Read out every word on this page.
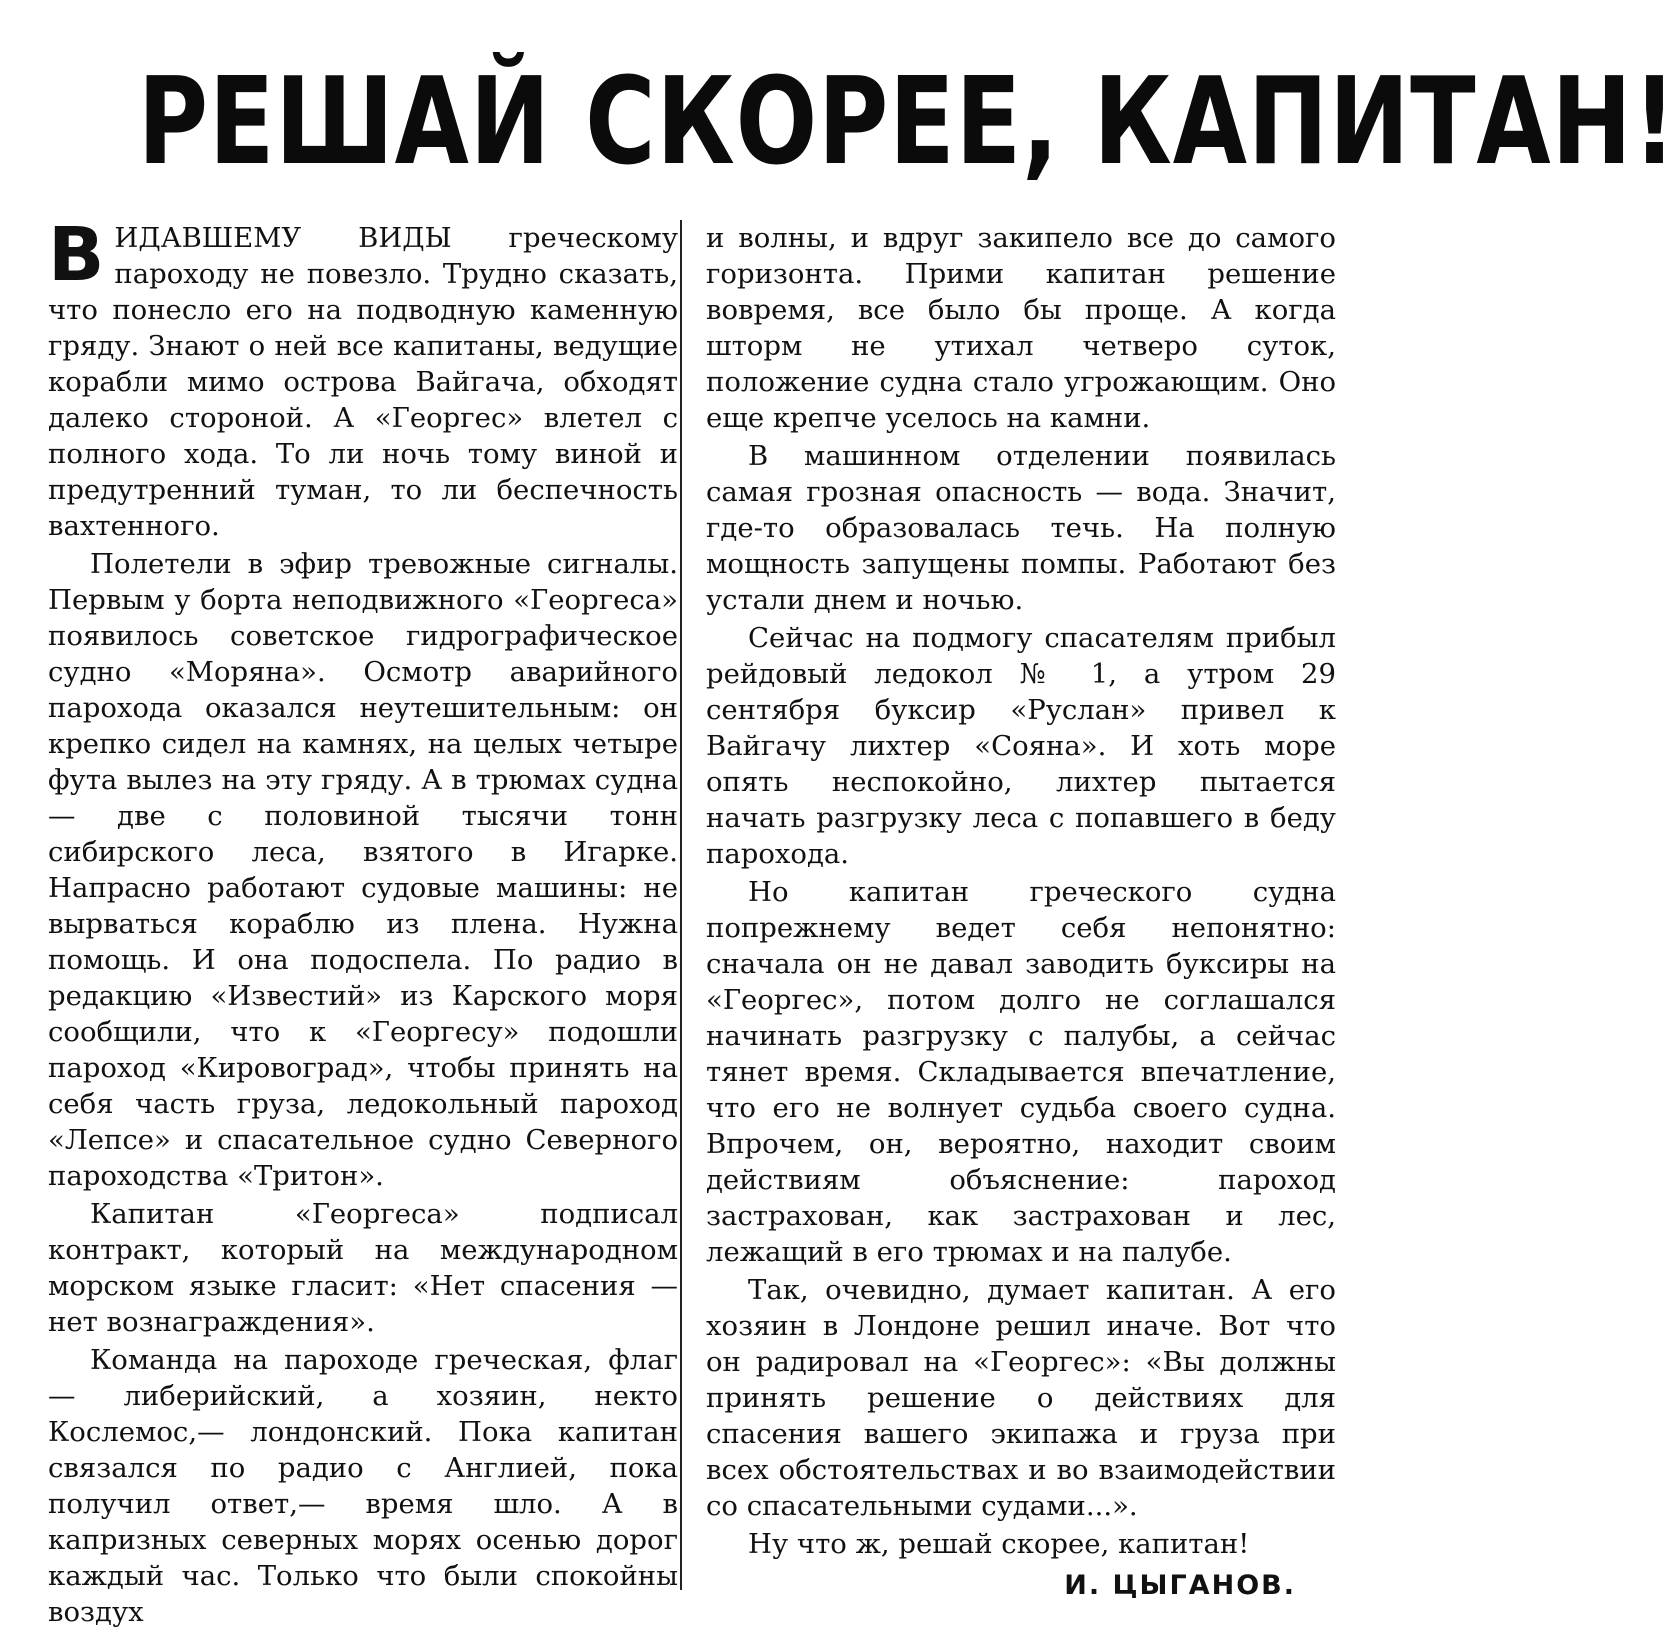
РЕШАЙ СКОРЕЕ, КАПИТАН!

В ИДАВШЕМУ ВИДЫ греческому пароходу не повезло. Трудно сказать, что понесло его на подводную каменную гряду. Знают о ней все капитаны, ведущие корабли мимо острова Вайгача, обходят далеко стороной. А «Георгес» влетел с полного хода. То ли ночь тому виной и предутренний туман, то ли беспечность вахтенного.

Полетели в эфир тревожные сигналы. Первым у борта неподвижного «Георгеса» появилось советское гидрографическое судно «Моряна». Осмотр аварийного парохода оказался неутешительным: он крепко сидел на камнях, на целых четыре фута вылез на эту гряду. А в трюмах судна — две с половиной тысячи тонн сибирского леса, взятого в Игарке. Напрасно работают судовые машины: не вырваться кораблю из плена. Нужна помощь. И она подоспела. По радио в редакцию «Известий» из Карского моря сообщили, что к «Георгесу» подошли пароход «Кировоград», чтобы принять на себя часть груза, ледокольный пароход «Лепсе» и спасательное судно Северного пароходства «Тритон».

Капитан «Георгеса» подписал контракт, который на международном морском языке гласит: «Нет спасения — нет вознаграждения».

Команда на пароходе греческая, флаг — либерийский, а хозяин, некто Кослемос,— лондонский. Пока капитан связался по радио с Англией, пока получил ответ,— время шло. А в капризных северных морях осенью дорог каждый час. Только что были спокойны воздух

и волны, и вдруг закипело все до самого горизонта. Прими капитан решение вовремя, все было бы проще. А когда шторм не утихал четверо суток, положение судна стало угрожающим. Оно еще крепче уселось на камни.

В машинном отделении появилась самая грозная опасность — вода. Значит, где-то образовалась течь. На полную мощность запущены помпы. Работают без устали днем и ночью.

Сейчас на подмогу спасателям прибыл рейдовый ледокол № 1, а утром 29 сентября буксир «Руслан» привел к Вайгачу лихтер «Сояна». И хоть море опять неспокойно, лихтер пытается начать разгрузку леса с попавшего в беду парохода.

Но капитан греческого судна попрежнему ведет себя непонятно: сначала он не давал заводить буксиры на «Георгес», потом долго не соглашался начинать разгрузку с палубы, а сейчас тянет время. Складывается впечатление, что его не волнует судьба своего судна. Впрочем, он, вероятно, находит своим действиям объяснение: пароход застрахован, как застрахован и лес, лежащий в его трюмах и на палубе.

Так, очевидно, думает капитан. А его хозяин в Лондоне решил иначе. Вот что он радировал на «Георгес»: «Вы должны принять решение о действиях для спасения вашего экипажа и груза при всех обстоятельствах и во взаимодействии со спасательными судами...».

Ну что ж, решай скорее, капитан!

И. ЦЫГАНОВ.
